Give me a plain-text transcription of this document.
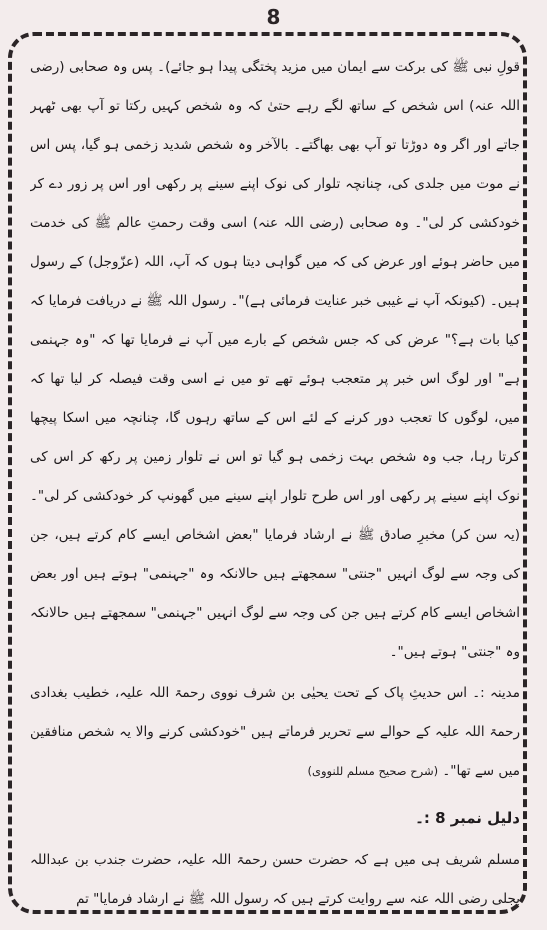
8

قولِ نبی ﷺ کی برکت سے ایمان میں مزید پختگی پیدا ہو جائے)۔ پس وہ صحابی (رضی اللہ عنہ) اس شخص کے ساتھ لگے رہے حتیٰ کہ وہ شخص کہیں رکتا تو آپ بھی ٹھہر جاتے اور اگر وہ دوڑتا تو آپ بھی بھاگتے۔ بالآخر وہ شخص شدید زخمی ہو گیا، پس اس نے موت میں جلدی کی، چنانچہ تلوار کی نوک اپنے سینے پر رکھی اور اس پر زور دے کر خودکشی کر لی"۔ وہ صحابی (رضی اللہ عنہ) اسی وقت رحمتِ عالم ﷺ کی خدمت میں حاضر ہوئے اور عرض کی کہ میں گواہی دیتا ہوں کہ آپ، اللہ (عزّوجل) کے رسول ہیں۔ (کیونکہ آپ نے غیبی خبر عنایت فرمائی ہے)"۔ رسول اللہ ﷺ نے دریافت فرمایا کہ کیا بات ہے؟" عرض کی کہ جس شخص کے بارے میں آپ نے فرمایا تھا کہ "وہ جہنمی ہے" اور لوگ اس خبر پر متعجب ہوئے تھے تو میں نے اسی وقت فیصلہ کر لیا تھا کہ میں، لوگوں کا تعجب دور کرنے کے لئے اس کے ساتھ رہوں گا، چنانچہ میں اسکا پیچھا کرتا رہا، جب وہ شخص بہت زخمی ہو گیا تو اس نے تلوار زمین پر رکھ کر اس کی نوک اپنے سینے پر رکھی اور اس طرح تلوار اپنے سینے میں گھونپ کر خودکشی کر لی"۔ (یہ سن کر) مخبرِ صادق ﷺ نے ارشاد فرمایا "بعض اشخاص ایسے کام کرتے ہیں، جن کی وجہ سے لوگ انہیں "جنتی" سمجھتے ہیں حالانکہ وہ "جہنمی" ہوتے ہیں اور بعض اشخاص ایسے کام کرتے ہیں جن کی وجہ سے لوگ انہیں "جہنمی" سمجھتے ہیں حالانکہ وہ "جنتی" ہوتے ہیں"۔

مدینہ :۔ اس حدیثِ پاک کے تحت یحیٰی بن شرف نووی رحمۃ اللہ علیہ، خطیب بغدادی رحمۃ اللہ علیہ کے حوالے سے تحریر فرماتے ہیں "خودکشی کرنے والا یہ شخص منافقین میں سے تھا"۔ (شرح صحیح مسلم للنووی)

دلیل نمبر 8 :۔

مسلم شریف ہی میں ہے کہ حضرت حسن رحمۃ اللہ علیہ، حضرت جندب بن عبداللہ بجلی رضی اللہ عنہ سے روایت کرتے ہیں کہ رسول اللہ ﷺ نے ارشاد فرمایا" تم
